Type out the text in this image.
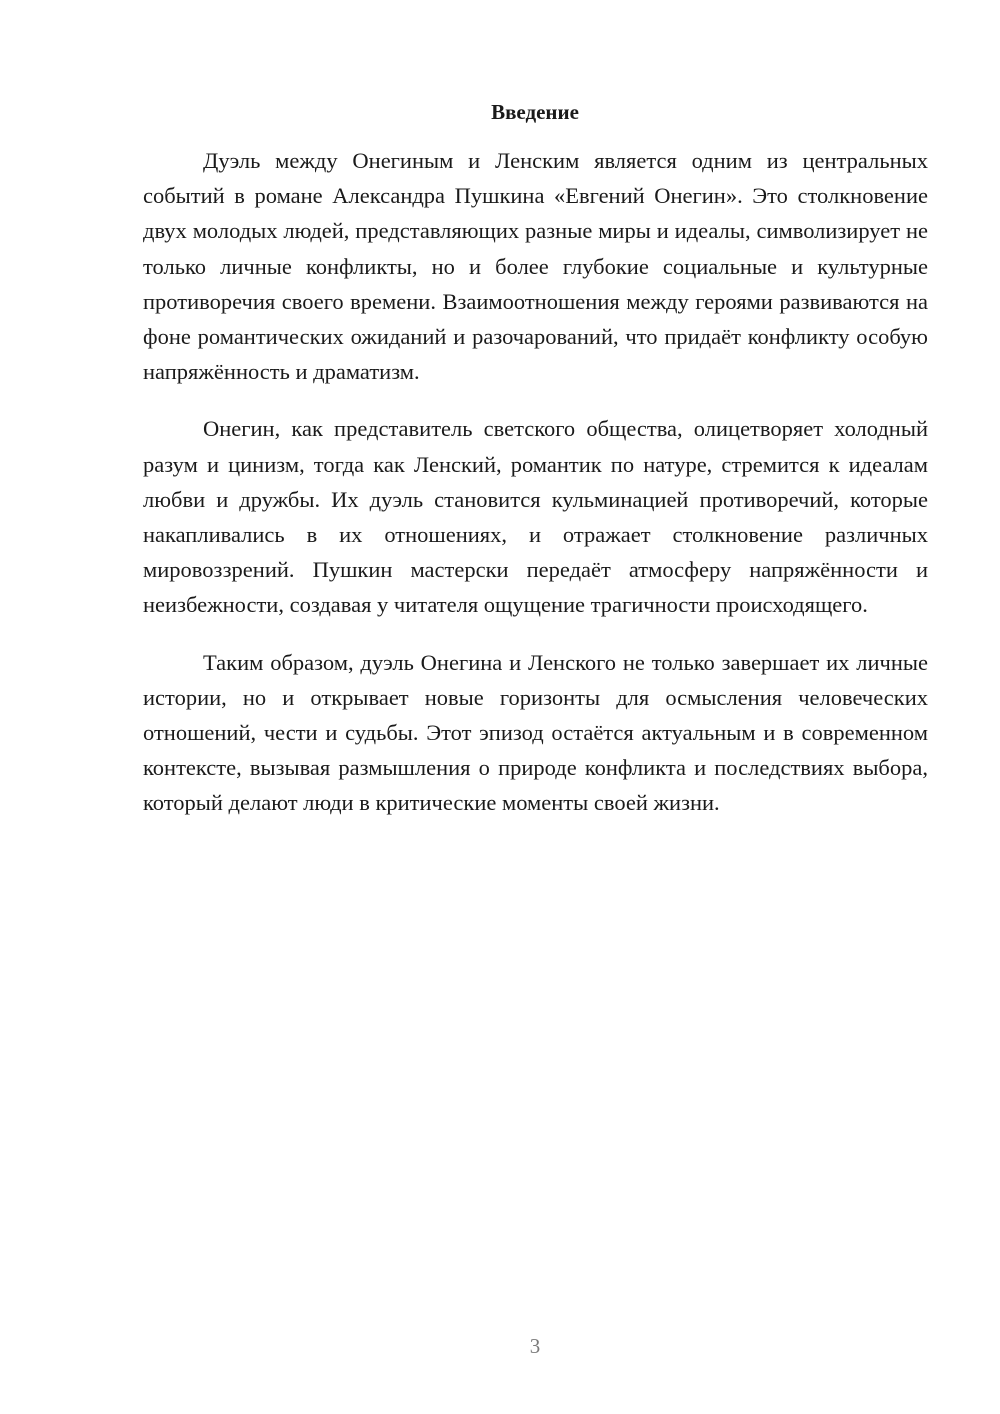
Введение

Дуэль между Онегиным и Ленским является одним из центральных событий в романе Александра Пушкина «Евгений Онегин». Это столкновение двух молодых людей, представляющих разные миры и идеалы, символизирует не только личные конфликты, но и более глубокие социальные и культурные противоречия своего времени. Взаимоотношения между героями развиваются на фоне романтических ожиданий и разочарований, что придаёт конфликту особую напряжённость и драматизм.

Онегин, как представитель светского общества, олицетворяет холодный разум и цинизм, тогда как Ленский, романтик по натуре, стремится к идеалам любви и дружбы. Их дуэль становится кульминацией противоречий, которые накапливались в их отношениях, и отражает столкновение различных мировоззрений. Пушкин мастерски передаёт атмосферу напряжённости и неизбежности, создавая у читателя ощущение трагичности происходящего.

Таким образом, дуэль Онегина и Ленского не только завершает их личные истории, но и открывает новые горизонты для осмысления человеческих отношений, чести и судьбы. Этот эпизод остаётся актуальным и в современном контексте, вызывая размышления о природе конфликта и последствиях выбора, который делают люди в критические моменты своей жизни.

3
